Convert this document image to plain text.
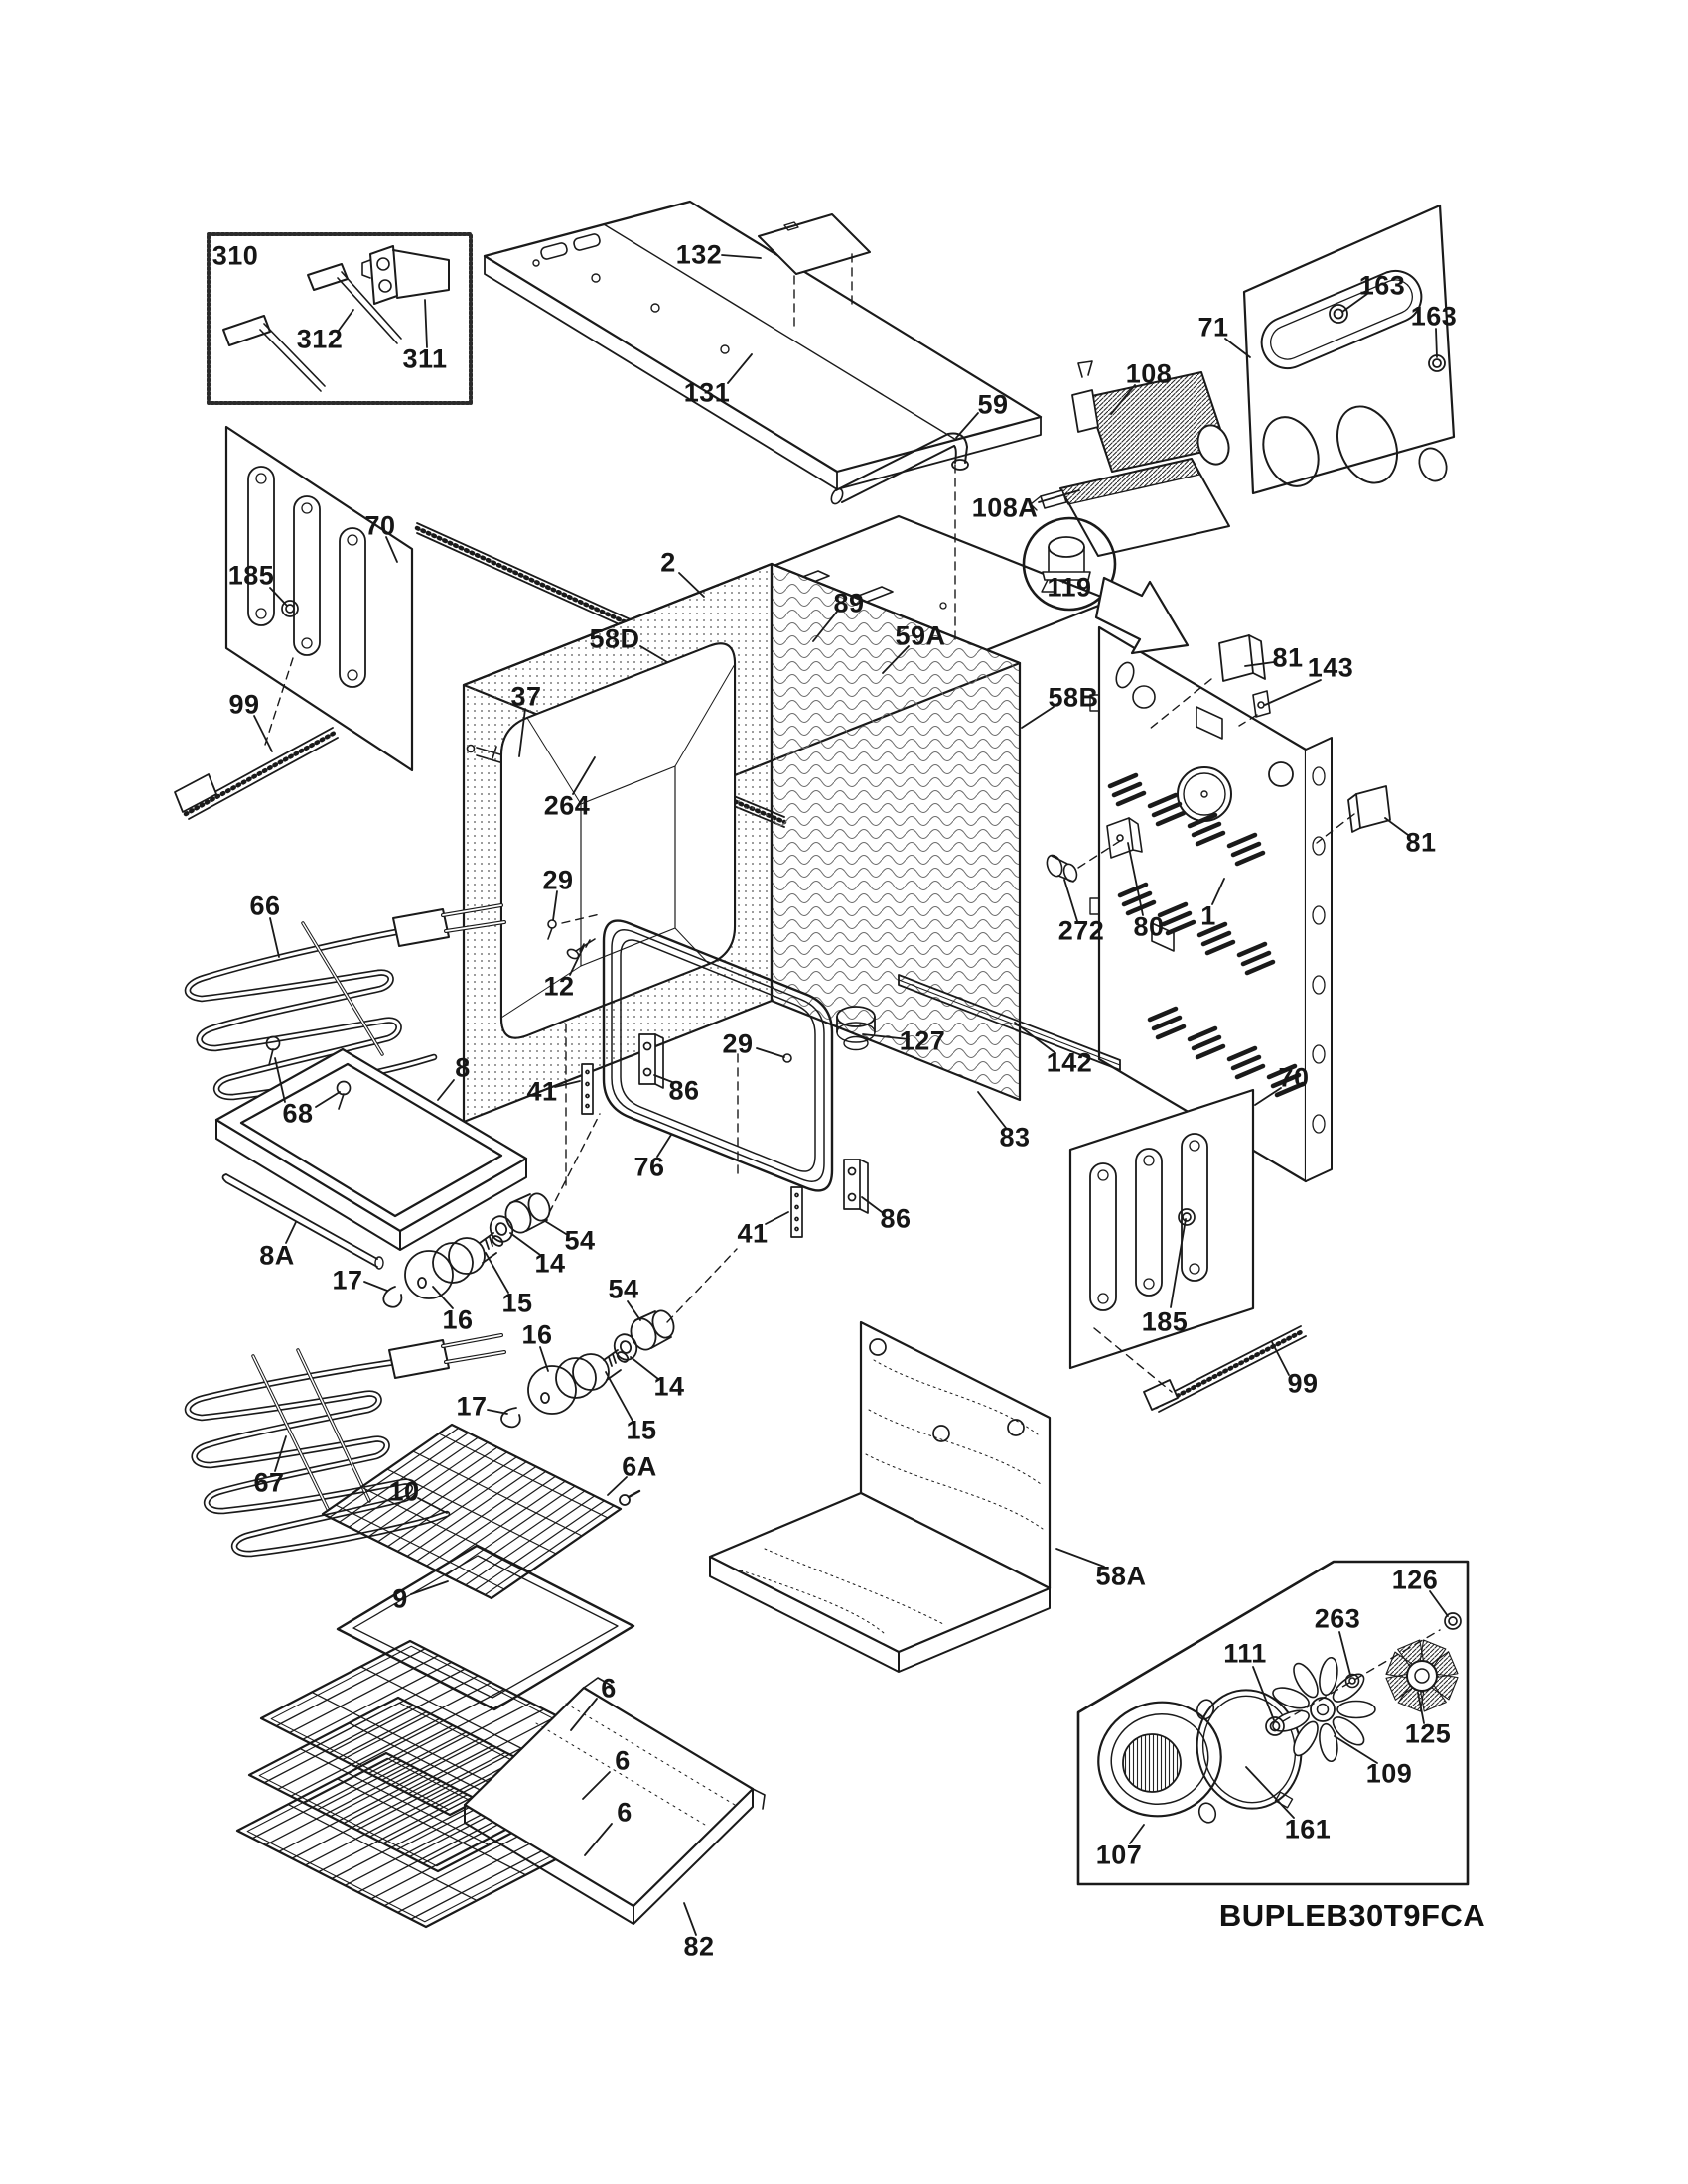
310
312
311
132
131	59
108
108A
71
163
163
119
2
89
59A
58D
58B
37
264
81 143
81
29
12
66
272 80 1
29	127
142
83
8
68
41	86
76
70
185
99
8A
17
16
15
14
54
54
16
17
14
15
41	86
67	10
6A
9
6
6
6
70
185
99
58A
82
126
263
111
109
125
161
107
BUPLEB30T9FCA
